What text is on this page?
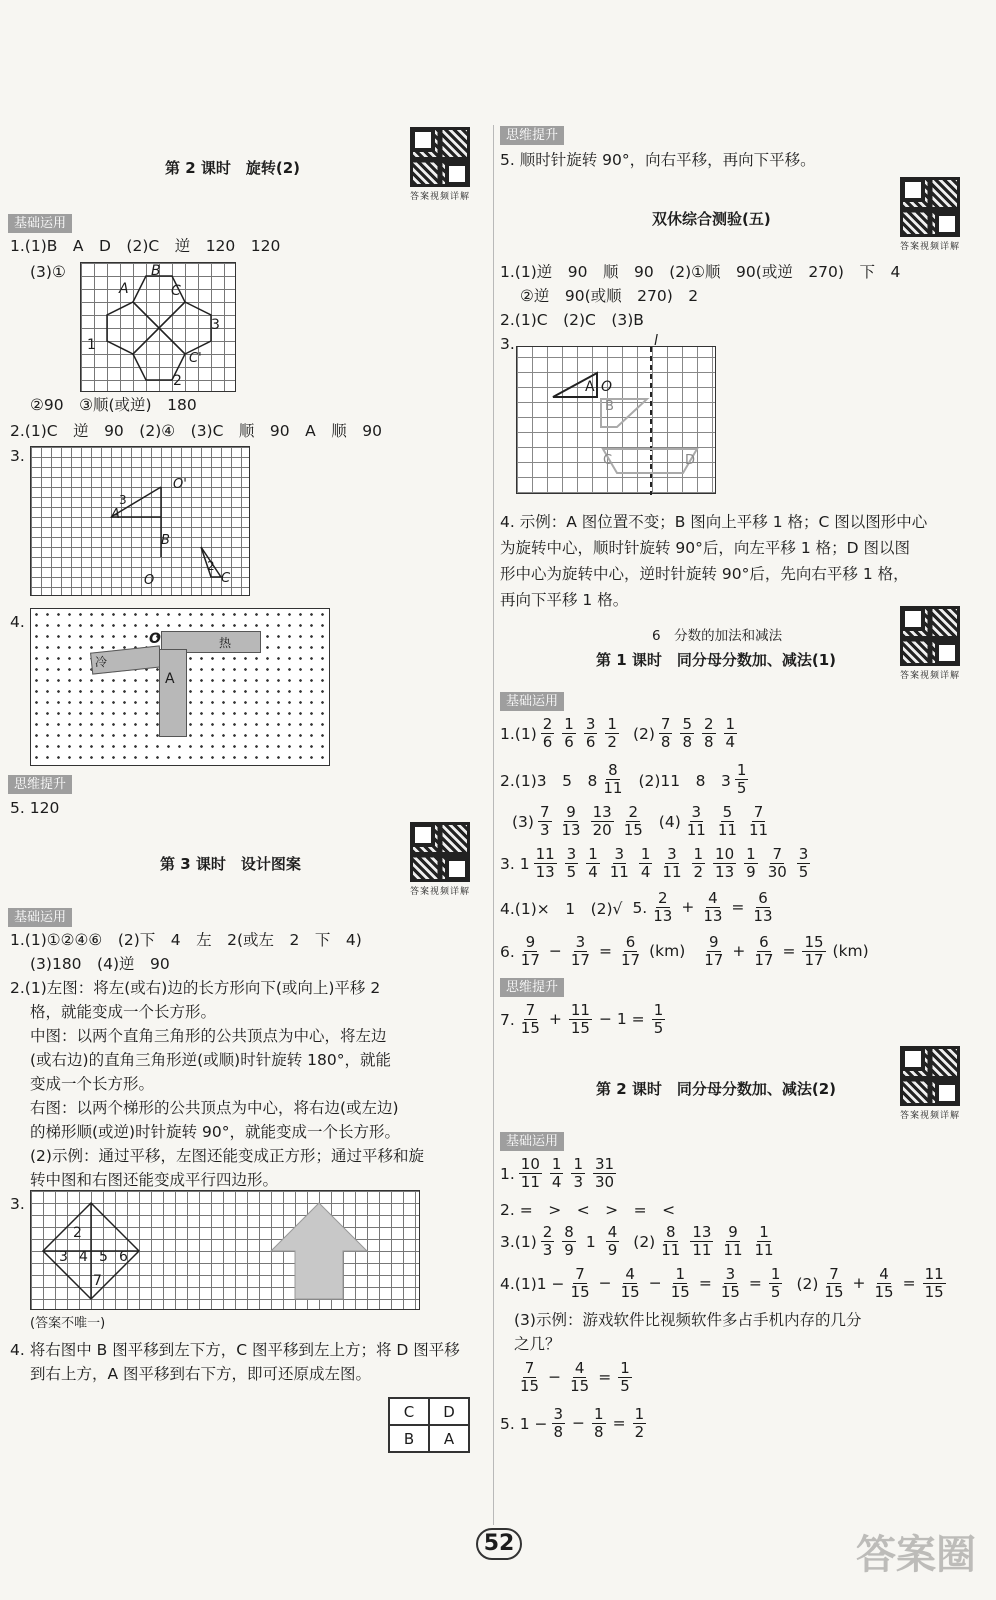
第 2 课时　旋转(2)
答案视频详解
基础运用
1.(1)B　A　D　(2)C　逆　120　120
(3)①
A
B
C
1
3
C'
2
②90　③顺(或逆)　180
2.(1)C　逆　90　(2)④　(3)C　顺　90　A　顺　90
3.
A
B
O	C
O'
3
2
4.
冷
O	热
A
思维提升
5. 120
第 3 课时　设计图案
答案视频详解
基础运用
1.(1)①②④⑥　(2)下　4　左　2(或左　2　下　4)
(3)180　(4)逆　90
2.(1)左图：将左(或右)边的长方形向下(或向上)平移 2
格，就能变成一个长方形。
中图：以两个直角三角形的公共顶点为中心，将左边
(或右边)的直角三角形逆(或顺)时针旋转 180°，就能
变成一个长方形。
右图：以两个梯形的公共顶点为中心，将右边(或左边)
的梯形顺(或逆)时针旋转 90°，就能变成一个长方形。
(2)示例：通过平移，左图还能变成正方形；通过平移和旋
转中图和右图还能变成平行四边形。
3.
3 4 5 6
7
2
(答案不唯一)
4. 将右图中 B 图平移到左下方，C 图平移到左上方；将 D 图平移
到右上方，A 图平移到右下方，即可还原成左图。
C	D
B	A
思维提升
5. 顺时针旋转 90°，向右平移，再向下平移。
双休综合测验(五)
答案视频详解
1.(1)逆　90　顺　90　(2)①顺　90(或逆　270)　下　4
②逆　90(或顺　270)　2
2.(1)C　(2)C　(3)B
3.	l
A O
B
C	D
4. 示例：A 图位置不变；B 图向上平移 1 格；C 图以图形中心
为旋转中心，顺时针旋转 90°后，向左平移 1 格；D 图以图
形中心为旋转中心，逆时针旋转 90°后，先向右平移 1 格，
再向下平移 1 格。
6　分数的加法和减法
第 1 课时　同分母分数加、减法(1)
答案视频详解
基础运用
$1.(1) \frac{2}{6} \frac{1}{6} \frac{3}{6} \frac{1}{2} (2) \frac{7}{8} \frac{5}{8} \frac{2}{8} \frac{1}{4}$
2.(1)3　5　$8 \frac{8}{11} (2)11$　8　$3 \frac{1}{5}$
$(3) \frac{7}{3} \frac{9}{13} \frac{13}{20} \frac{2}{15} (4) \frac{3}{11} \frac{5}{11} \frac{7}{11}$
3. $1 \frac{11}{13} \frac{3}{5} \frac{1}{4} \frac{3}{11} \frac{1}{4} \frac{3}{11} \frac{1}{2} \frac{10}{13} \frac{1}{9} \frac{7}{30} \frac{3}{5}$
4.(1)×　1　(2)√ 5. $\frac{2}{13} + \frac{4}{13} = \frac{6}{13}$
6. $\frac{9}{17} - \frac{3}{17} = \frac{6}{17} (km) \frac{9}{17} + \frac{6}{17} = \frac{15}{17} (km)$
思维提升
7. $\frac{7}{15} + \frac{11}{15} - 1 = \frac{1}{5}$
第 2 课时　同分母分数加、减法(2)
答案视频详解
基础运用
1. $\frac{10}{11} \frac{1}{4} \frac{1}{3} \frac{31}{30}$
2. =　>　<　>　=　<
$3.(1) \frac{2}{3} \frac{8}{9} 1 \frac{4}{9} (2) \frac{8}{11} \frac{13}{11} \frac{9}{11} \frac{1}{11}$
$4.(1)1 - \frac{7}{15} - \frac{4}{15} - \frac{1}{15} = \frac{3}{15} = \frac{1}{5} (2) \frac{7}{15} + \frac{4}{15} = \frac{11}{15}$
(3)示例：游戏软件比视频软件多占手机内存的几分
之几？
$\frac{7}{15} - \frac{4}{15} = \frac{1}{5}$
5. $1 - \frac{3}{8} - \frac{1}{8} = \frac{1}{2}$
52	答案圈
